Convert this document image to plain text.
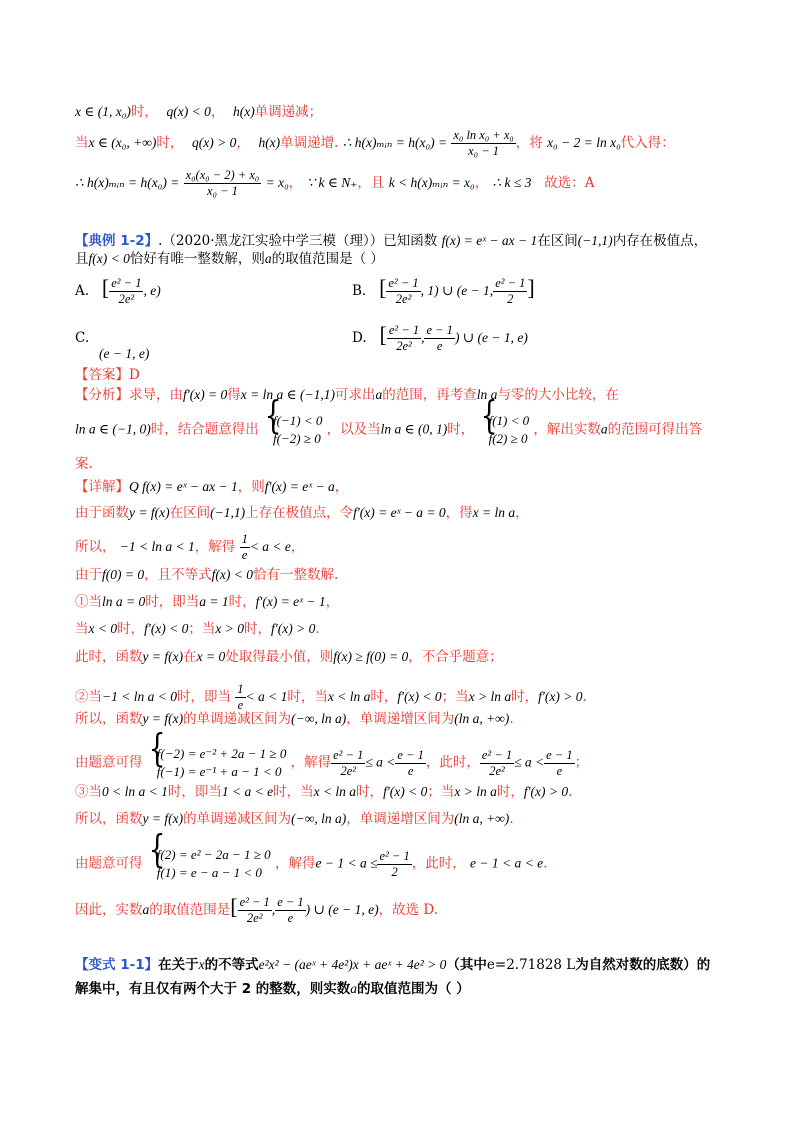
x ∈ (1, x₀)时， q(x) < 0， h(x)单调递减；
当x ∈ (x₀, +∞)时， q(x) > 0， h(x)单调递增. ∴ h(x)ₘᵢₙ = $h(x_0) = \frac{\text{x₀ ln x₀ + x₀}}{\text{x₀ − 1}}$ ，将 x₀ − 2 = ln x₀代入得：
∴ h(x)ₘᵢₙ = $h(x_0) = \frac{\text{x₀(x₀ − 2) + x₀}}{\text{x₀ − 1}} = x_0$， ∵ k ∈ N₊，且 k < h(x)ₘᵢₙ = x₀， ∴ k ≤ 3 故选：A
【典例 1-2】.（2020·黑龙江实验中学三模（理））已知函数 f(x) = eˣ − ax − 1在区间(−1,1)内存在极值点，
且f(x) < 0恰好有唯一整数解，则a的取值范围是（ ）
A. [ $\frac{\text{e² − 1}}{\text{2e²}}$ , e)	B. [ $\frac{\text{e² − 1}}{\text{2e²}}$ , 1) ∪ (e − 1, $\frac{\text{e² − 1}}{2}$ ]
C.
(e − 1, e)
D. [ $\frac{\text{e² − 1}}{\text{2e²}}$ , $\frac{e - 1}{e}$ ) ∪ (e − 1, e)
【答案】D
【分析】求导，由f′(x) = 0得x = ln a ∈ (−1,1)可求出a的范围，再考查ln a与零的大小比较，在
ln a ∈ (−1, 0)时，结合题意得出
{ f(−1) < 0
f(−2) ≥ 0
，以及当ln a ∈ (0, 1)时，
{ f(1) < 0
f(2) ≥ 0
，解出实数a的范围可得出答
案.
【详解】Q f(x) = eˣ − ax − 1，则f′(x) = eˣ − a，
由于函数y = f(x)在区间(−1,1)上存在极值点，令f′(x) = eˣ − a = 0，得x = ln a，
所以， −1 < ln a < 1，解得 $\frac{1}{e} < a < e$，
由于f(0) = 0，且不等式f(x) < 0恰有一整数解.
①当ln a = 0时，即当a = 1时，f′(x) = eˣ − 1，
当x < 0时，f′(x) < 0；当x > 0时，f′(x) > 0.
此时，函数y = f(x)在x = 0处取得最小值，则f(x) ≥ f(0) = 0，不合乎题意；
②当−1 < ln a < 0时，即当 $\frac{1}{e} < a < 1$时，当x < ln a时，f′(x) < 0；当x > ln a时，f′(x) > 0.
所以，函数y = f(x)的单调递减区间为(−∞, ln a)，单调递增区间为(ln a, +∞).
由题意可得
{ f(−2) = e⁻² + 2a − 1 ≥ 0
f(−1) = e⁻¹ + a − 1 < 0
，解得 $\frac{\text{e² − 1}}{\text{2e²}} \le a < \frac{e - 1}{e}$ ，此时， $\frac{\text{e² − 1}}{\text{2e²}} \le a < \frac{e - 1}{e}$ ；
③当0 < ln a < 1时，即当1 < a < e时，当x < ln a时，f′(x) < 0；当x > ln a时，f′(x) > 0.
所以，函数y = f(x)的单调递减区间为(−∞, ln a)，单调递增区间为(ln a, +∞).
由题意可得
{ f(2) = e² − 2a − 1 ≥ 0
f(1) = e − a − 1 < 0
，解得$e - 1 < a \le \frac{\text{e² − 1}}{2}$ ，此时， e − 1 < a < e.
因此，实数a的取值范围是[ $\frac{\text{e² − 1}}{\text{2e²}}$ , $\frac{e - 1}{e}$ ) ∪ (e − 1, e)，故选 D.
【变式 1-1】在关于x的不等式e²x² − (aeˣ + 4e²)x + aeˣ + 4e² > 0（其中e=2.71828 L为自然对数的底数）的
解集中，有且仅有两个大于 2 的整数，则实数a的取值范围为（ ）
